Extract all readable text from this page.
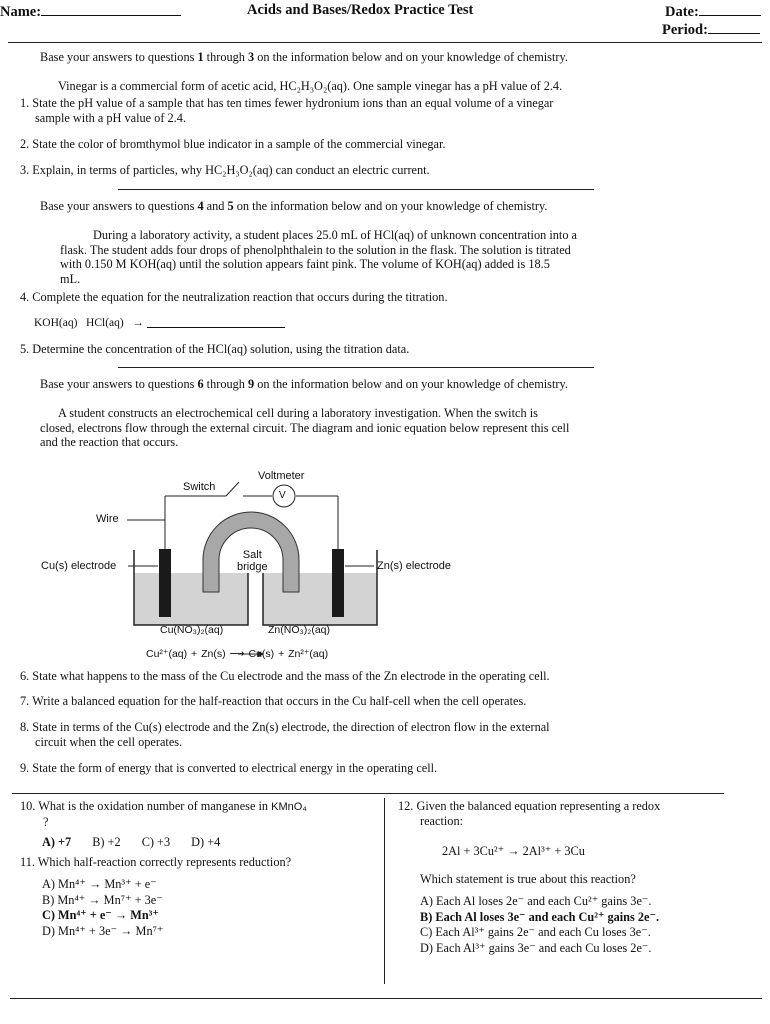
Name:	Acids and Bases/Redox Practice Test	Date:
Period:
Base your answers to questions 1 through 3 on the information below and on your knowledge of chemistry.
Vinegar is a commercial form of acetic acid, HC₂H₃O₂(aq). One sample vinegar has a pH value of 2.4.
1. State the pH value of a sample that has ten times fewer hydronium ions than an equal volume of a vinegar
sample with a pH value of 2.4.
2. State the color of bromthymol blue indicator in a sample of the commercial vinegar.
3. Explain, in terms of particles, why HC₂H₃O₂(aq) can conduct an electric current.
Base your answers to questions 4 and 5 on the information below and on your knowledge of chemistry.
During a laboratory activity, a student places 25.0 mL of HCl(aq) of unknown concentration into a
flask. The student adds four drops of phenolphthalein to the solution in the flask. The solution is titrated
with 0.150 M KOH(aq) until the solution appears faint pink. The volume of KOH(aq) added is 18.5
mL.
4. Complete the equation for the neutralization reaction that occurs during the titration.
KOH(aq)   HCl(aq)   →
5. Determine the concentration of the HCl(aq) solution, using the titration data.
Base your answers to questions 6 through 9 on the information below and on your knowledge of chemistry.
A student constructs an electrochemical cell during a laboratory investigation. When the switch is
closed, electrons flow through the external circuit. The diagram and ionic equation below represent this cell
and the reaction that occurs.
Voltmeter
V
Switch
Wire
Salt
bridge
Cu(s) electrode	Zn(s) electrode
Cu(NO₃)₂(aq)	Zn(NO₃)₂(aq)
Cu²⁺(aq) + Zn(s) ⟶ Cu(s) + Zn²⁺(aq)
6. State what happens to the mass of the Cu electrode and the mass of the Zn electrode in the operating cell.
7. Write a balanced equation for the half-reaction that occurs in the Cu half-cell when the cell operates.
8. State in terms of the Cu(s) electrode and the Zn(s) electrode, the direction of electron flow in the external
circuit when the cell operates.
9. State the form of energy that is converted to electrical energy in the operating cell.
10. What is the oxidation number of manganese in KMnO₄
?
A) +7 B) +2 C) +3 D) +4
11. Which half-reaction correctly represents reduction?
A) Mn⁴⁺ → Mn³⁺ + e⁻
B) Mn⁴⁺ → Mn⁷⁺ + 3e⁻
C) Mn⁴⁺ + e⁻ → Mn³⁺
D) Mn⁴⁺ + 3e⁻ → Mn⁷⁺
12. Given the balanced equation representing a redox
reaction:
2Al + 3Cu²⁺ → 2Al³⁺ + 3Cu
Which statement is true about this reaction?
A) Each Al loses 2e⁻ and each Cu²⁺ gains 3e⁻.
B) Each Al loses 3e⁻ and each Cu²⁺ gains 2e⁻.
C) Each Al³⁺ gains 2e⁻ and each Cu loses 3e⁻.
D) Each Al³⁺ gains 3e⁻ and each Cu loses 2e⁻.
